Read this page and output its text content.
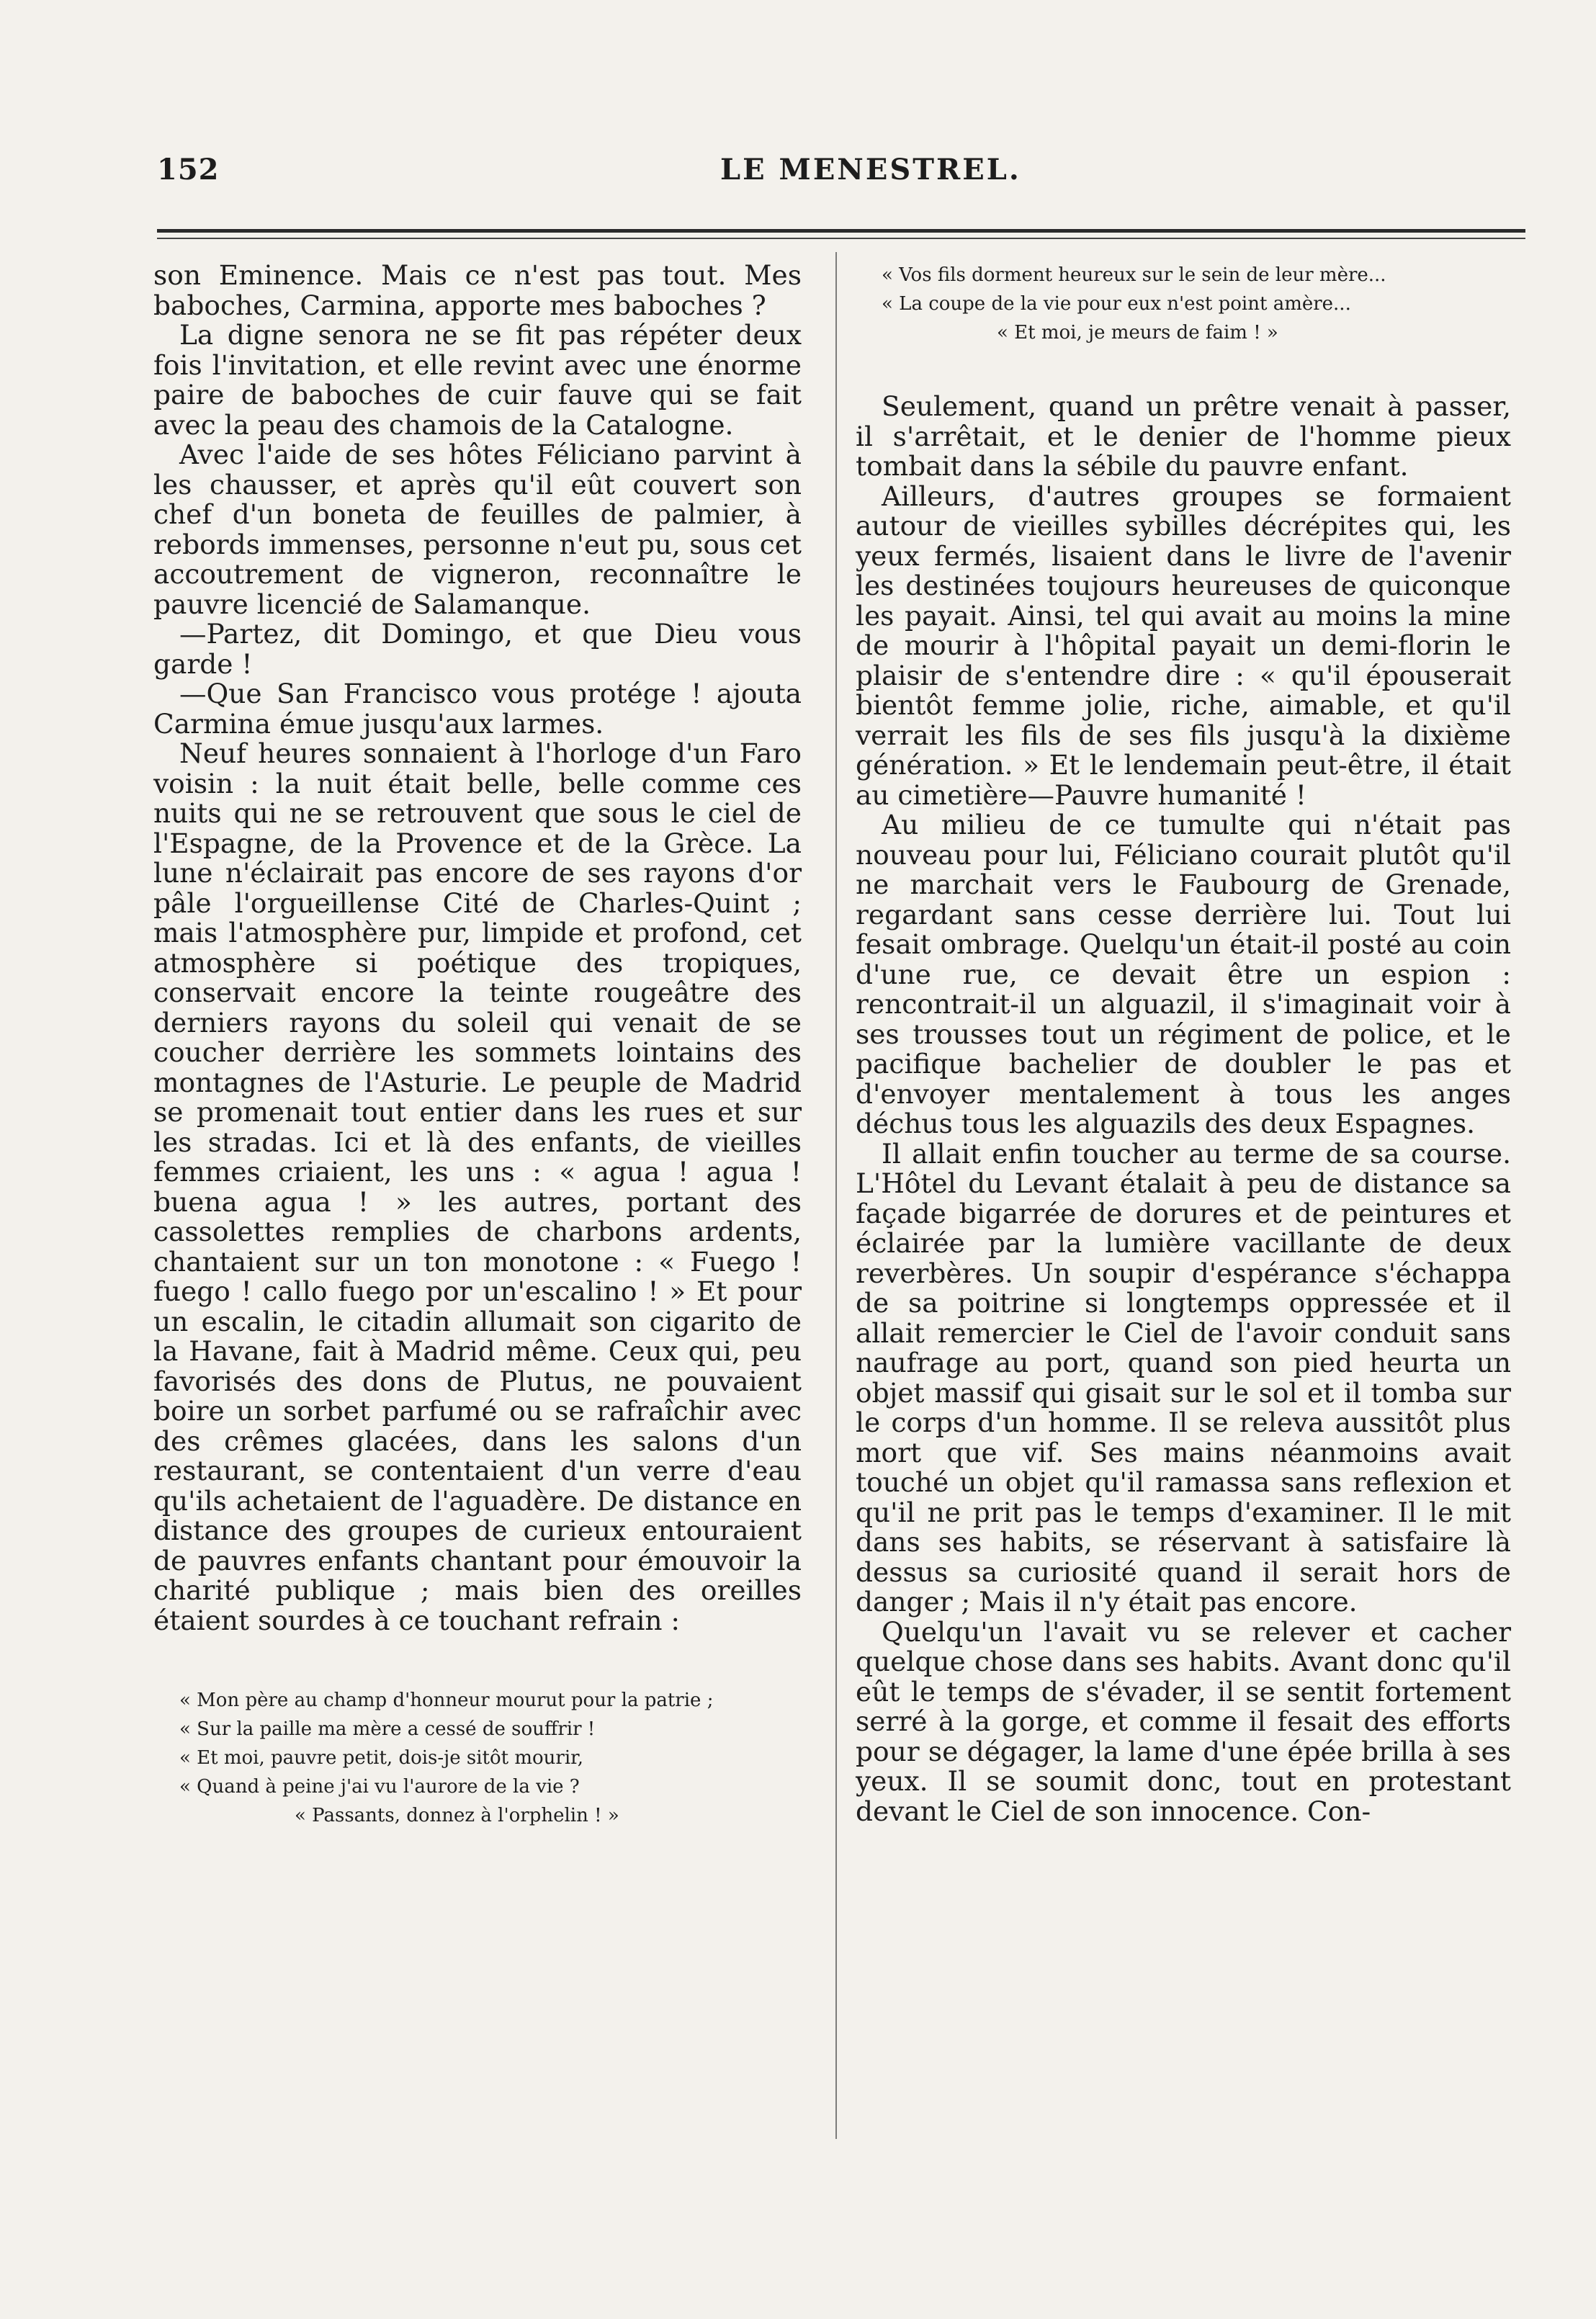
152	LE MENESTREL.

son Eminence. Mais ce n'est pas tout. Mes baboches, Carmina, apporte mes baboches ?

La digne senora ne se fit pas répéter deux fois l'invitation, et elle revint avec une énorme paire de baboches de cuir fauve qui se fait avec la peau des chamois de la Catalogne.

Avec l'aide de ses hôtes Féliciano parvint à les chausser, et après qu'il eût couvert son chef d'un boneta de feuilles de palmier, à rebords immenses, personne n'eut pu, sous cet accoutrement de vigneron, reconnaître le pauvre licencié de Salamanque.

—Partez, dit Domingo, et que Dieu vous garde !

—Que San Francisco vous protége ! ajouta Carmina émue jusqu'aux larmes.

Neuf heures sonnaient à l'horloge d'un Faro voisin : la nuit était belle, belle comme ces nuits qui ne se retrouvent que sous le ciel de l'Espagne, de la Provence et de la Grèce. La lune n'éclairait pas encore de ses rayons d'or pâle l'orgueillense Cité de Charles-Quint ; mais l'atmosphère pur, limpide et profond, cet atmosphère si poétique des tropiques, conservait encore la teinte rougeâtre des derniers rayons du soleil qui venait de se coucher derrière les sommets lointains des montagnes de l'Asturie. Le peuple de Madrid se promenait tout entier dans les rues et sur les stradas. Ici et là des enfants, de vieilles femmes criaient, les uns : « agua ! agua ! buena agua ! » les autres, portant des cassolettes remplies de charbons ardents, chantaient sur un ton monotone : « Fuego ! fuego ! callo fuego por un'escalino ! » Et pour un escalin, le citadin allumait son cigarito de la Havane, fait à Madrid même. Ceux qui, peu favorisés des dons de Plutus, ne pouvaient boire un sorbet parfumé ou se rafraîchir avec des crêmes glacées, dans les salons d'un restaurant, se contentaient d'un verre d'eau qu'ils achetaient de l'aguadère. De distance en distance des groupes de curieux entouraient de pauvres enfants chantant pour émouvoir la charité publique ; mais bien des oreilles étaient sourdes à ce touchant refrain :

« Mon père au champ d'honneur mourut pour la patrie ;

« Sur la paille ma mère a cessé de souffrir !

« Et moi, pauvre petit, dois-je sitôt mourir,

« Quand à peine j'ai vu l'aurore de la vie ?

« Passants, donnez à l'orphelin ! »

« Vos fils dorment heureux sur le sein de leur mère...

« La coupe de la vie pour eux n'est point amère...

« Et moi, je meurs de faim ! »

Seulement, quand un prêtre venait à passer, il s'arrêtait, et le denier de l'homme pieux tombait dans la sébile du pauvre enfant.

Ailleurs, d'autres groupes se formaient autour de vieilles sybilles décrépites qui, les yeux fermés, lisaient dans le livre de l'avenir les destinées toujours heureuses de quiconque les payait. Ainsi, tel qui avait au moins la mine de mourir à l'hôpital payait un demi-florin le plaisir de s'entendre dire : « qu'il épouserait bientôt femme jolie, riche, aimable, et qu'il verrait les fils de ses fils jusqu'à la dixième génération. » Et le lendemain peut-être, il était au cimetière—Pauvre humanité !

Au milieu de ce tumulte qui n'était pas nouveau pour lui, Féliciano courait plutôt qu'il ne marchait vers le Faubourg de Grenade, regardant sans cesse derrière lui. Tout lui fesait ombrage. Quelqu'un était-il posté au coin d'une rue, ce devait être un espion : rencontrait-il un alguazil, il s'imaginait voir à ses trousses tout un régiment de police, et le pacifique bachelier de doubler le pas et d'envoyer mentalement à tous les anges déchus tous les alguazils des deux Espagnes.

Il allait enfin toucher au terme de sa course. L'Hôtel du Levant étalait à peu de distance sa façade bigarrée de dorures et de peintures et éclairée par la lumière vacillante de deux reverbères. Un soupir d'espérance s'échappa de sa poitrine si longtemps oppressée et il allait remercier le Ciel de l'avoir conduit sans naufrage au port, quand son pied heurta un objet massif qui gisait sur le sol et il tomba sur le corps d'un homme. Il se releva aussitôt plus mort que vif. Ses mains néanmoins avait touché un objet qu'il ramassa sans reflexion et qu'il ne prit pas le temps d'examiner. Il le mit dans ses habits, se réservant à satisfaire là dessus sa curiosité quand il serait hors de danger ; Mais il n'y était pas encore.

Quelqu'un l'avait vu se relever et cacher quelque chose dans ses habits. Avant donc qu'il eût le temps de s'évader, il se sentit fortement serré à la gorge, et comme il fesait des efforts pour se dégager, la lame d'une épée brilla à ses yeux. Il se soumit donc, tout en protestant devant le Ciel de son innocence. Con-
